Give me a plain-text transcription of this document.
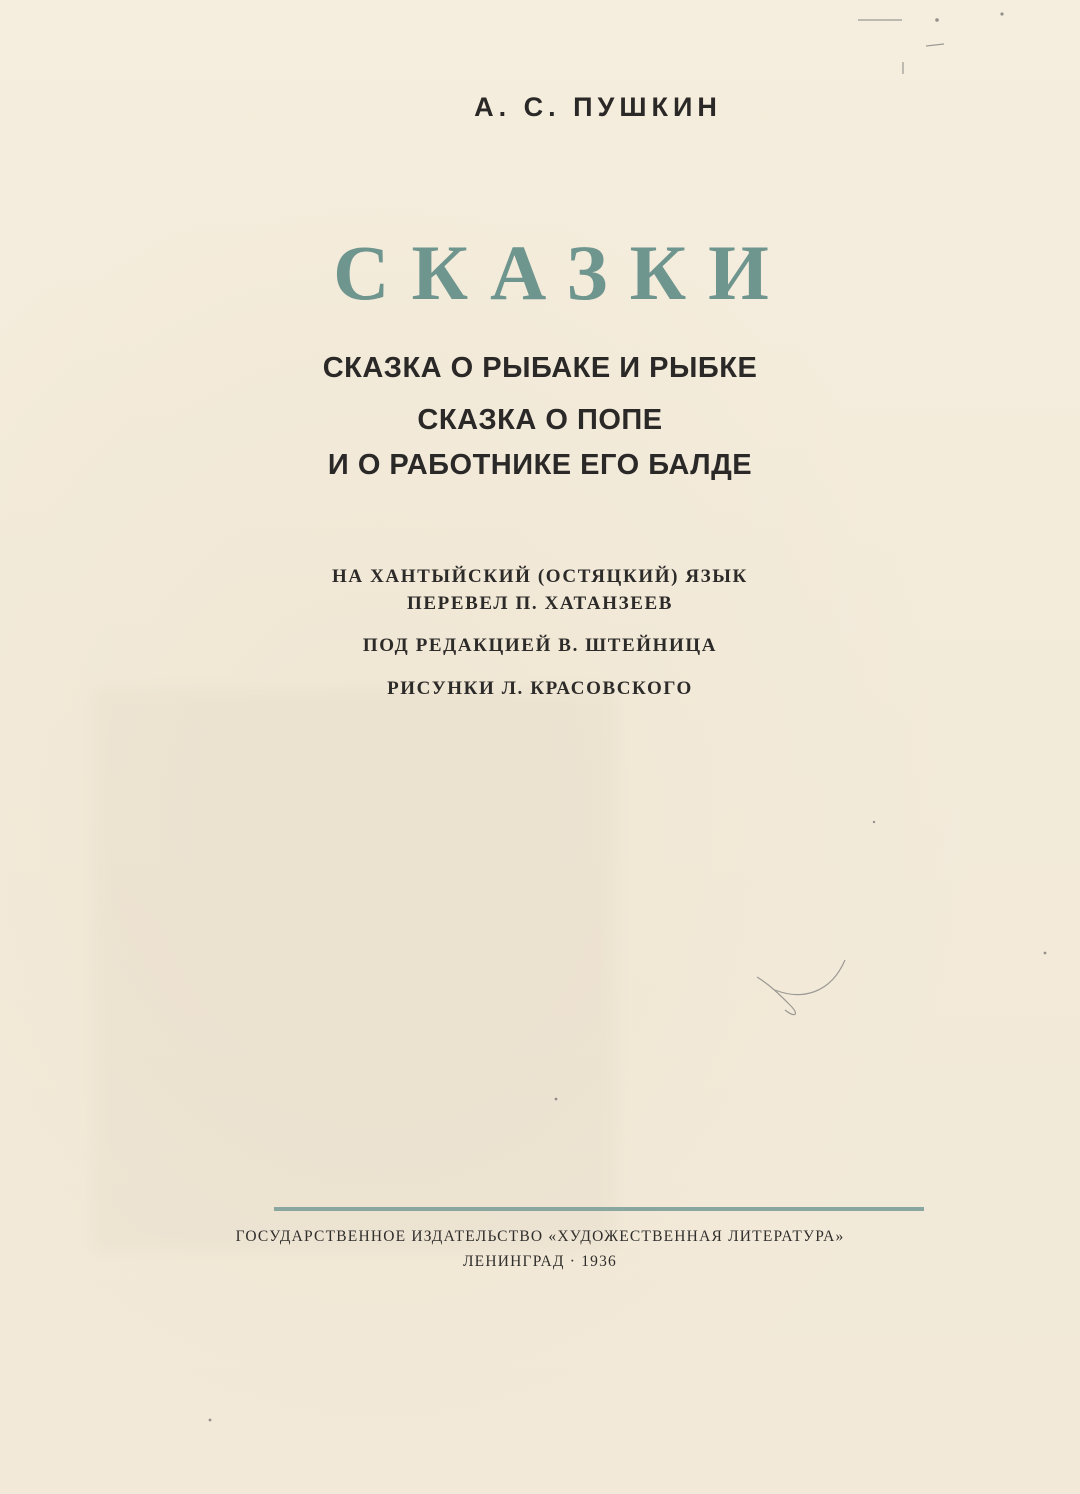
А. С. ПУШКИН
СКАЗКИ
СКАЗКА О РЫБАКЕ И РЫБКЕ
СКАЗКА О ПОПЕ
И О РАБОТНИКЕ ЕГО БАЛДЕ
НА ХАНТЫЙСКИЙ (ОСТЯЦКИЙ) ЯЗЫК
ПЕРЕВЕЛ П. ХАТАНЗЕЕВ
ПОД РЕДАКЦИЕЙ В. ШТЕЙНИЦА
РИСУНКИ Л. КРАСОВСКОГО
ГОСУДАРСТВЕННОЕ ИЗДАТЕЛЬСТВО «ХУДОЖЕСТВЕННАЯ ЛИТЕРАТУРА»
ЛЕНИНГРАД · 1936
